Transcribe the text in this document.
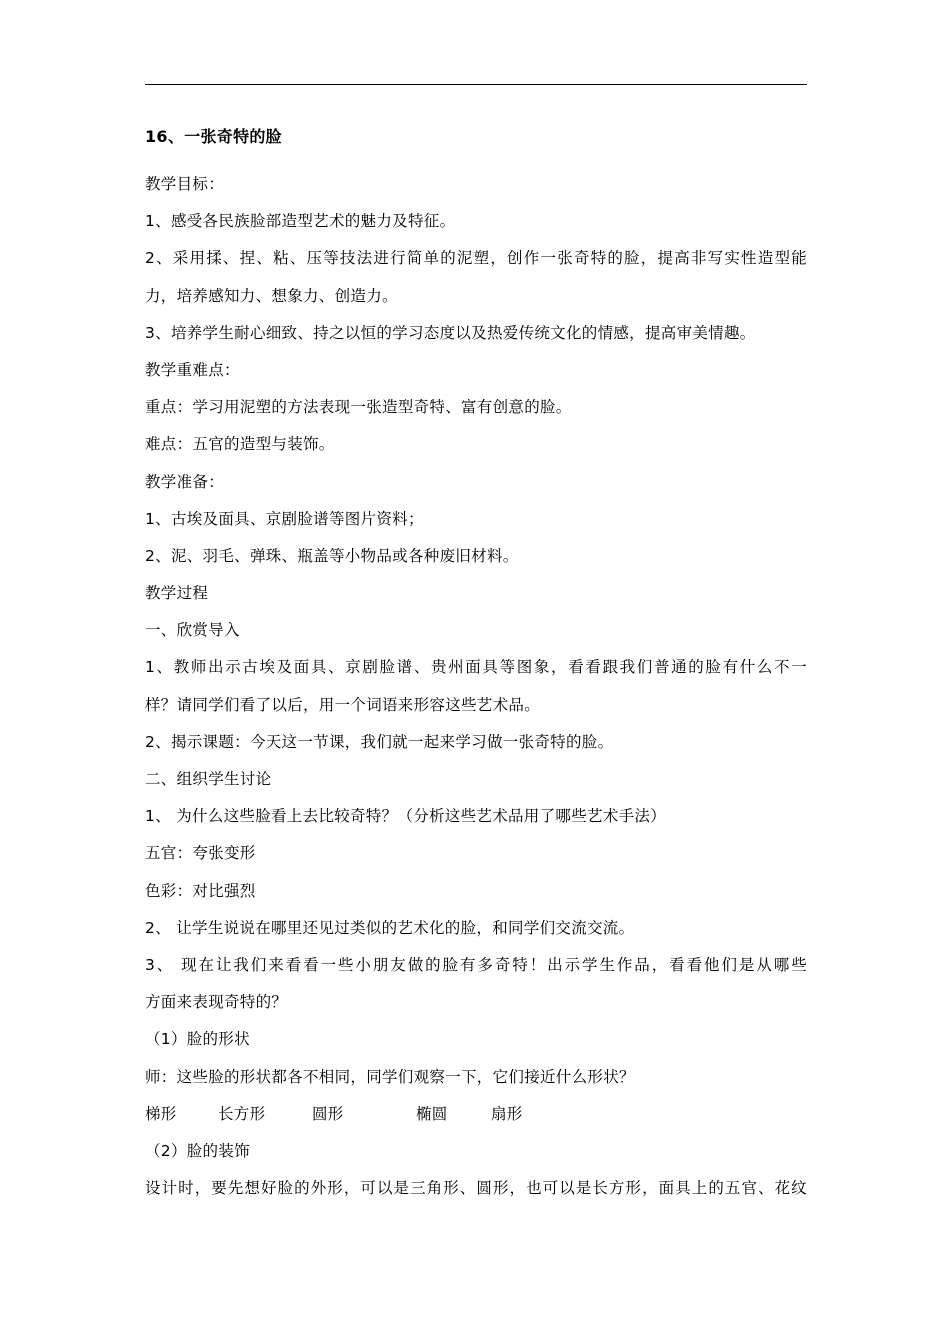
16、一张奇特的脸
教学目标：
1、感受各民族脸部造型艺术的魅力及特征。
2、采用揉、捏、粘、压等技法进行简单的泥塑，创作一张奇特的脸，提高非写实性造型能
力，培养感知力、想象力、创造力。
3、培养学生耐心细致、持之以恒的学习态度以及热爱传统文化的情感，提高审美情趣。
教学重难点：
重点：学习用泥塑的方法表现一张造型奇特、富有创意的脸。
难点：五官的造型与装饰。
教学准备：
1、古埃及面具、京剧脸谱等图片资料；
2、泥、羽毛、弹珠、瓶盖等小物品或各种废旧材料。
教学过程
一、欣赏导入
1、教师出示古埃及面具、京剧脸谱、贵州面具等图象，看看跟我们普通的脸有什么不一
样？请同学们看了以后，用一个词语来形容这些艺术品。
2、揭示课题：今天这一节课，我们就一起来学习做一张奇特的脸。
二、组织学生讨论
1、 为什么这些脸看上去比较奇特？（分析这些艺术品用了哪些艺术手法）
五官：夸张变形
色彩：对比强烈
2、 让学生说说在哪里还见过类似的艺术化的脸，和同学们交流交流。
3、 现在让我们来看看一些小朋友做的脸有多奇特！出示学生作品，看看他们是从哪些
方面来表现奇特的？
（1）脸的形状
师：这些脸的形状都各不相同，同学们观察一下，它们接近什么形状？
梯形	长方形	圆形	椭圆	扇形
（2）脸的装饰
设计时，要先想好脸的外形，可以是三角形、圆形，也可以是长方形，面具上的五官、花纹
